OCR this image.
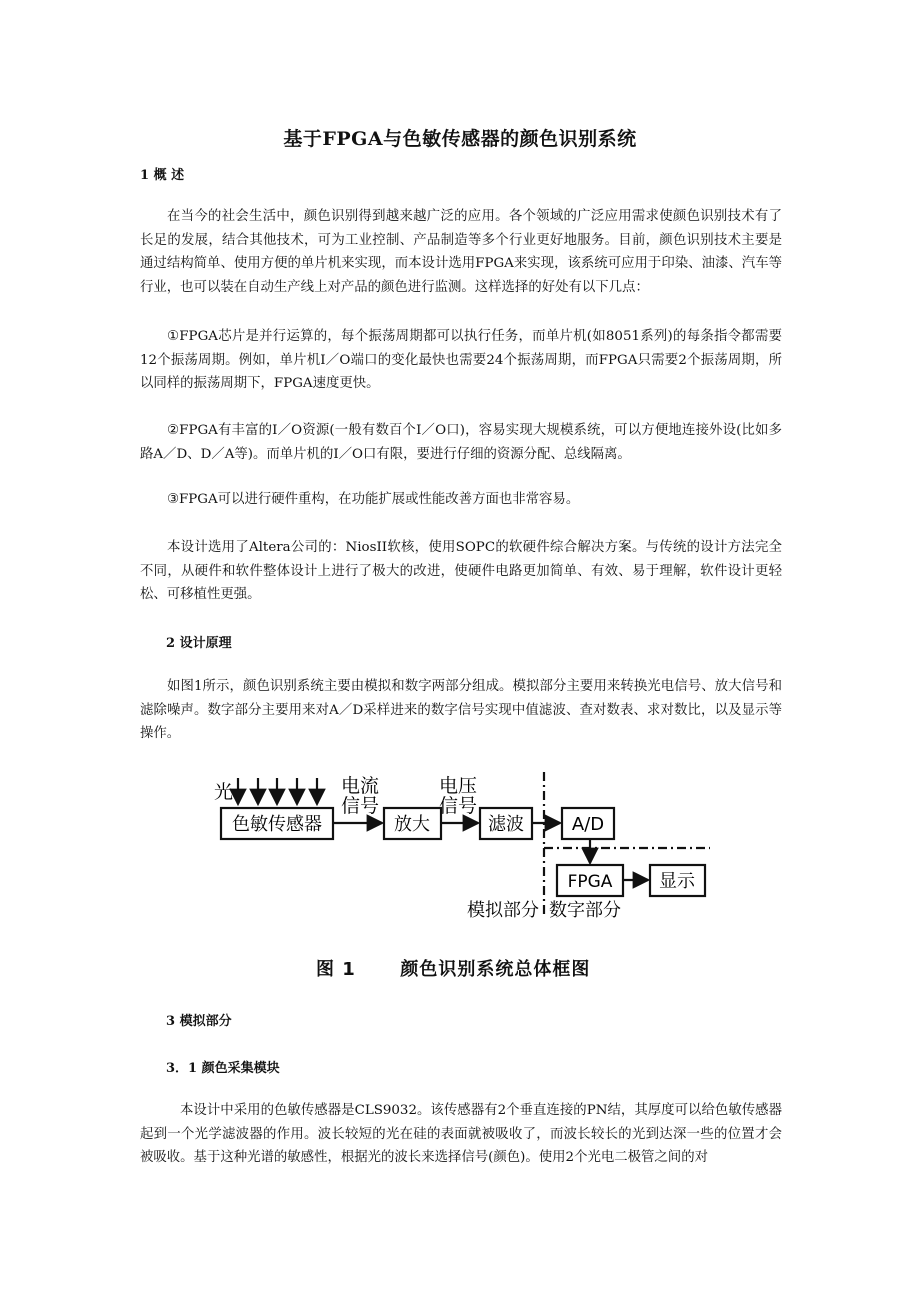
基于FPGA与色敏传感器的颜色识别系统
1 概 述

在当今的社会生活中，颜色识别得到越来越广泛的应用。各个领域的广泛应用需求使颜色识别技术有了长足的发展，结合其他技术，可为工业控制、产品制造等多个行业更好地服务。目前，颜色识别技术主要是通过结构简单、使用方便的单片机来实现，而本设计选用FPGA来实现，该系统可应用于印染、油漆、汽车等行业，也可以装在自动生产线上对产品的颜色进行监测。这样选择的好处有以下几点：

①FPGA芯片是并行运算的，每个振荡周期都可以执行任务，而单片机(如8051系列)的每条指令都需要12个振荡周期。例如，单片机I／O端口的变化最快也需要24个振荡周期，而FPGA只需要2个振荡周期，所以同样的振荡周期下，FPGA速度更快。

②FPGA有丰富的I／O资源(一般有数百个I／O口)，容易实现大规模系统，可以方便地连接外设(比如多路A／D、D／A等)。而单片机的I／O口有限，要进行仔细的资源分配、总线隔离。

③FPGA可以进行硬件重构，在功能扩展或性能改善方面也非常容易。

本设计选用了Altera公司的：NiosII软核，使用SOPC的软硬件综合解决方案。与传统的设计方法完全不同，从硬件和软件整体设计上进行了极大的改进，使硬件电路更加简单、有效、易于理解，软件设计更轻松、可移植性更强。

2 设计原理

如图1所示，颜色识别系统主要由模拟和数字两部分组成。模拟部分主要用来转换光电信号、放大信号和滤除噪声。数字部分主要用来对A／D采样进来的数字信号实现中值滤波、查对数表、求对数比，以及显示等操作。

光
色敏传感器
电流
信号
放大
电压
信号
滤波	A/D
FPGA	显示
模拟部分 数字部分
图 1 颜色识别系统总体框图
3 模拟部分
3．1 颜色采集模块

本设计中采用的色敏传感器是CLS9032。该传感器有2个垂直连接的PN结，其厚度可以给色敏传感器起到一个光学滤波器的作用。波长较短的光在硅的表面就被吸收了，而波长较长的光到达深一些的位置才会被吸收。基于这种光谱的敏感性，根据光的波长来选择信号(颜色)。使用2个光电二极管之间的对
